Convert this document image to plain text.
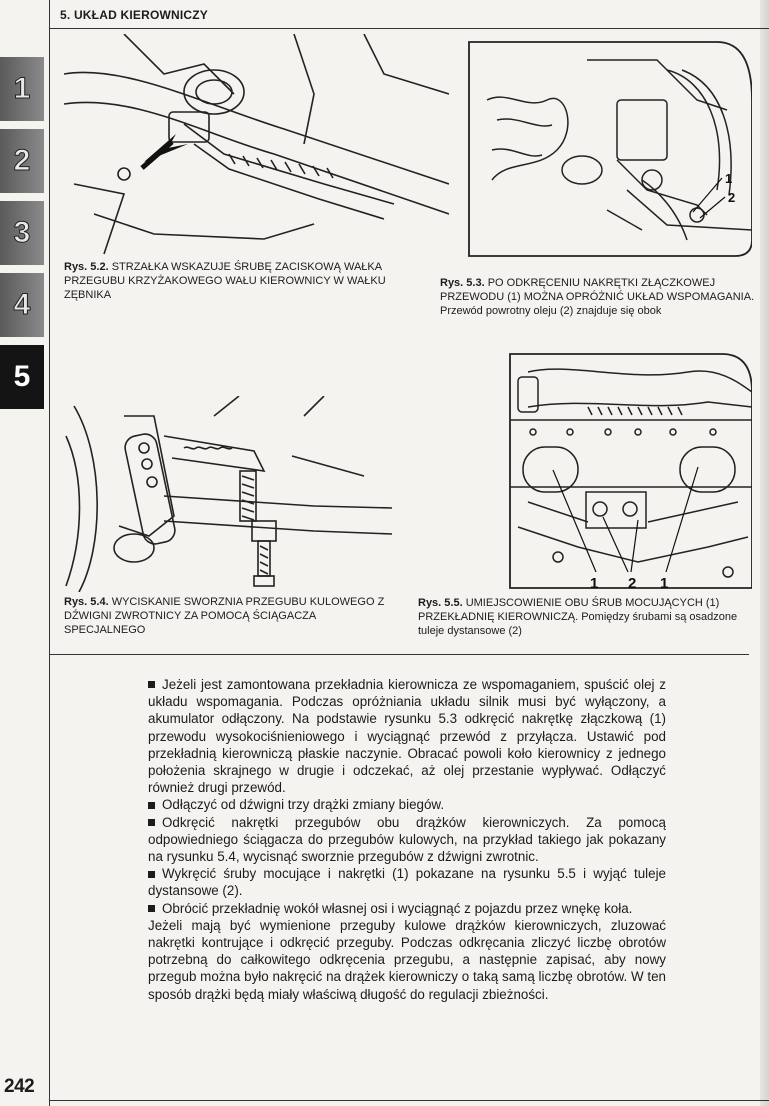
5. UKŁAD KIEROWNICZY
1
2
3
4
5
Rys. 5.2. STRZAŁKA WSKAZUJE ŚRUBĘ ZACISKOWĄ WAŁKA PRZEGUBU KRZYŻAKOWEGO WAŁU KIEROWNICY W WAŁKU ZĘBNIKA
1
2
Rys. 5.3. PO ODKRĘCENIU NAKRĘTKI ZŁĄCZKOWEJ PRZEWODU (1) MOŻNA OPRÓŻNIĆ UKŁAD WSPOMAGANIA. Przewód powrotny oleju (2) znajduje się obok
Rys. 5.4. WYCISKANIE SWORZNIA PRZEGUBU KULOWEGO Z DŹWIGNI ZWROTNICY ZA POMOCĄ ŚCIĄGACZA SPECJALNEGO
1 2 1
Rys. 5.5. UMIEJSCOWIENIE OBU ŚRUB MOCUJĄCYCH (1) PRZEKŁADNIĘ KIEROWNICZĄ. Pomiędzy śrubami są osadzone tuleje dystansowe (2)

Jeżeli jest zamontowana przekładnia kierownicza ze wspomaganiem, spuścić olej z układu wspomagania. Podczas opróżniania układu silnik musi być wyłączony, a akumulator odłączony. Na podstawie rysunku 5.3 odkręcić nakrętkę złączkową (1) przewodu wysokociśnieniowego i wyciągnąć przewód z przyłącza. Ustawić pod przekładnią kierowniczą płaskie naczynie. Obracać powoli koło kierownicy z jednego położenia skrajnego w drugie i odczekać, aż olej przestanie wypływać. Odłączyć również drugi przewód.

Odłączyć od dźwigni trzy drążki zmiany biegów.

Odkręcić nakrętki przegubów obu drążków kierowniczych. Za pomocą odpowiedniego ściągacza do przegubów kulowych, na przykład takiego jak pokazany na rysunku 5.4, wycisnąć sworznie przegubów z dźwigni zwrotnic.

Wykręcić śruby mocujące i nakrętki (1) pokazane na rysunku 5.5 i wyjąć tuleje dystansowe (2).

Obrócić przekładnię wokół własnej osi i wyciągnąć z pojazdu przez wnękę koła.

Jeżeli mają być wymienione przeguby kulowe drążków kierowniczych, zluzować nakrętki kontrujące i odkręcić przeguby. Podczas odkręcania zliczyć liczbę obrotów potrzebną do całkowitego odkręcenia przegubu, a następnie zapisać, aby nowy przegub można było nakręcić na drążek kierowniczy o taką samą liczbę obrotów. W ten sposób drążki będą miały właściwą długość do regulacji zbieżności.

242
